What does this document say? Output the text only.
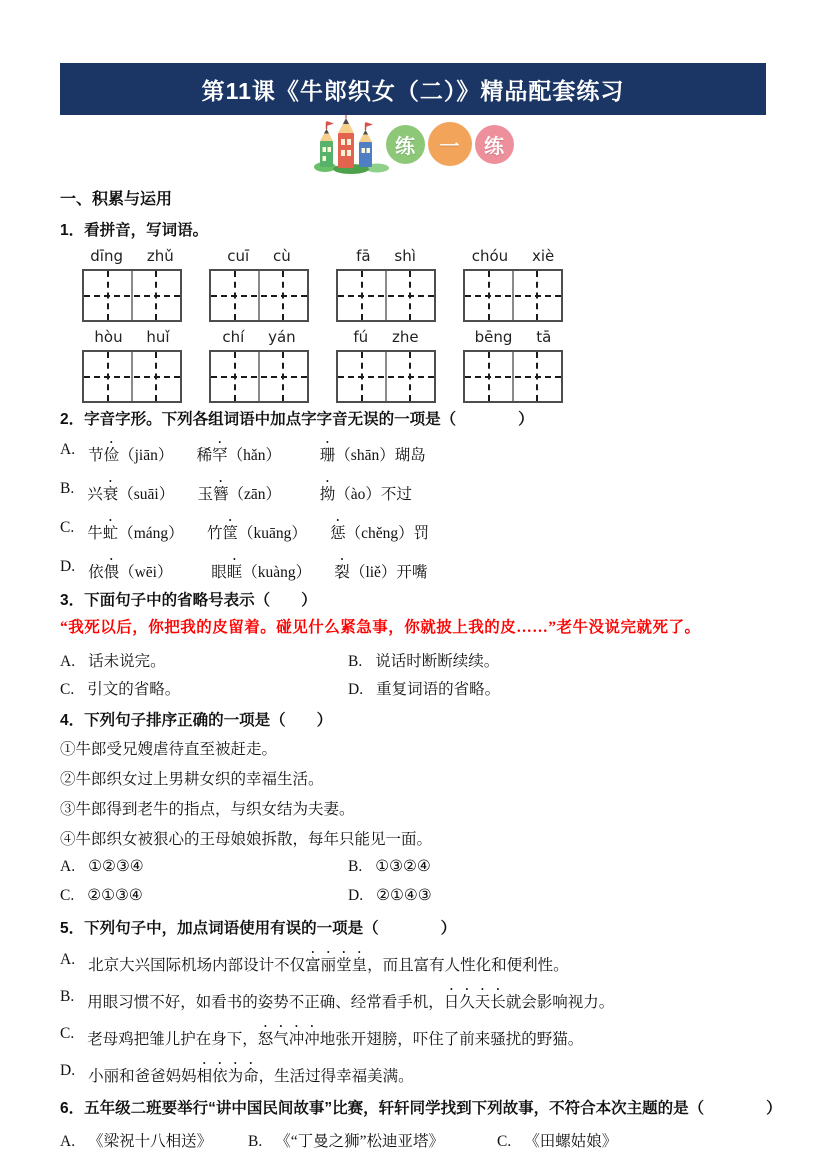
第11课《牛郎织女（二）》精品配套练习
练	一	练
一、积累与运用
1．看拼音，写词语。
dīng     zhǔ	cuī     cù	fā     shì	chóu     xiè
hòu     huǐ	chí     yán	fú     zhe	bēng     tā
2．字音字形。下列各组词语中加点字字音无误的一项是（　　　　）
A. 节俭（jiān）　　稀罕（hǎn）　　　珊（shān）瑚岛
B. 兴衰（suāi）　　玉簪（zān）　　　拗（ào）不过
C. 牛虻（máng）　　竹筐（kuāng）　　惩（chěng）罚
D. 依偎（wēi）　　　眼眶（kuàng）　　裂（liě）开嘴
3．下面句子中的省略号表示（　　）
“我死以后，你把我的皮留着。碰见什么紧急事，你就披上我的皮……”老牛没说完就死了。
A. 话未说完。	B. 说话时断断续续。
C. 引文的省略。	D. 重复词语的省略。
4．下列句子排序正确的一项是（　　）
①牛郎受兄嫂虐待直至被赶走。
②牛郎织女过上男耕女织的幸福生活。
③牛郎得到老牛的指点，与织女结为夫妻。
④牛郎织女被狠心的王母娘娘拆散，每年只能见一面。
A. ①②③④	B. ①③②④
C. ②①③④	D. ②①④③
5．下列句子中，加点词语使用有误的一项是（　　　　）
A. 北京大兴国际机场内部设计不仅富丽堂皇，而且富有人性化和便利性。
B. 用眼习惯不好，如看书的姿势不正确、经常看手机，日久天长就会影响视力。
C. 老母鸡把雏儿护在身下，怒气冲冲地张开翅膀，吓住了前来骚扰的野猫。
D. 小丽和爸爸妈妈相依为命，生活过得幸福美满。
6．五年级二班要举行“讲中国民间故事”比赛，轩轩同学找到下列故事，不符合本次主题的是（　　　　）
A. 《梁祝十八相送》 B. 《“丁曼之狮”松迪亚塔》	C. 《田螺姑娘》
